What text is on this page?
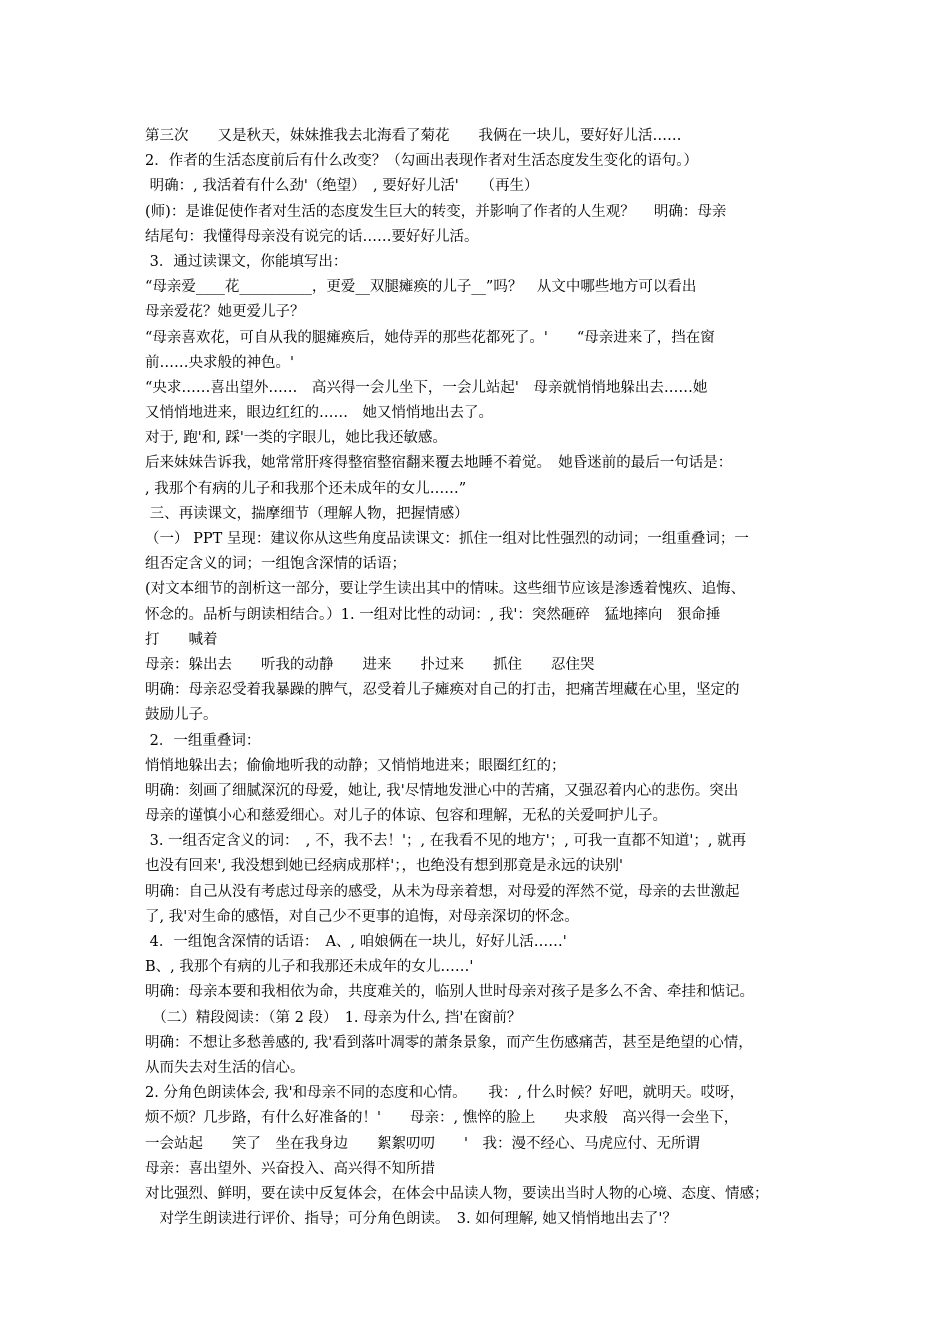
第三次　　又是秋天，妹妹推我去北海看了菊花　　我俩在一块儿，要好好儿活……
2．作者的生活态度前后有什么改变？（勾画出表现作者对生活态度发生变化的语句。）
明确：, 我活着有什么劲'（绝望）　, 要好好儿活'　　（再生）
(师)：是谁促使作者对生活的态度发生巨大的转变，并影响了作者的人生观？　 明确：母亲
结尾句：我懂得母亲没有说完的话……要好好儿活。
3．通过读课文，你能填写出：
“母亲爱____花__________，更爱__双腿瘫痪的儿子__”吗？　从文中哪些地方可以看出
母亲爱花？她更爱儿子？
“母亲喜欢花，可自从我的腿瘫痪后，她侍弄的那些花都死了。'　　“母亲进来了，挡在窗
前……央求般的神色。'
“央求……喜出望外……　高兴得一会儿坐下，一会儿站起'　母亲就悄悄地躲出去……她
又悄悄地进来，眼边红红的……　她又悄悄地出去了。
对于, 跑'和, 踩'一类的字眼儿，她比我还敏感。
后来妹妹告诉我，她常常肝疼得整宿整宿翻来覆去地睡不着觉。　她昏迷前的最后一句话是：
, 我那个有病的儿子和我那个还未成年的女儿……”
三、再读课文，揣摩细节（理解人物，把握情感）
（一） PPT 呈现：建议你从这些角度品读课文：抓住一组对比性强烈的动词；一组重叠词；一
组否定含义的词；一组饱含深情的话语；
(对文本细节的剖析这一部分，要让学生读出其中的情味。这些细节应该是渗透着愧疚、追悔、
怀念的。品析与朗读相结合。）1. 一组对比性的动词：, 我'：突然砸碎　猛地摔向　狠命捶
打　　喊着
母亲：躲出去　　听我的动静　　进来　　扑过来　　抓住　　忍住哭
明确：母亲忍受着我暴躁的脾气，忍受着儿子瘫痪对自己的打击，把痛苦埋藏在心里，坚定的
鼓励儿子。
2．一组重叠词：
悄悄地躲出去；偷偷地听我的动静；又悄悄地进来；眼圈红红的；
明确：刻画了细腻深沉的母爱，她让, 我'尽情地发泄心中的苦痛，又强忍着内心的悲伤。突出
母亲的谨慎小心和慈爱细心。对儿子的体谅、包容和理解，无私的关爱呵护儿子。
3. 一组否定含义的词：　, 不，我不去！'；, 在我看不见的地方'；, 可我一直都不知道'；, 就再
也没有回来', 我没想到她已经病成那样'；，也绝没有想到那竟是永远的诀别'
明确：自己从没有考虑过母亲的感受，从未为母亲着想，对母爱的浑然不觉，母亲的去世激起
了, 我'对生命的感悟，对自己少不更事的追悔，对母亲深切的怀念。
4．一组饱含深情的话语：　A、, 咱娘俩在一块儿，好好儿活……'
B、, 我那个有病的儿子和我那还未成年的女儿……'
明确：母亲本要和我相依为命，共度难关的，临别人世时母亲对孩子是多么不舍、牵挂和惦记。
　（二）精段阅读：（第 2 段）　1. 母亲为什么, 挡'在窗前？
明确：不想让多愁善感的, 我'看到落叶凋零的萧条景象，而产生伤感痛苦，甚至是绝望的心情，
从而失去对生活的信心。
2. 分角色朗读体会, 我'和母亲不同的态度和心情。　　我：, 什么时候？好吧，就明天。哎呀，
烦不烦？几步路，有什么好准备的！'　　母亲：, 憔悴的脸上　　央求般　高兴得一会坐下，
一会站起　　笑了　坐在我身边　　絮絮叨叨　　'　我：漫不经心、马虎应付、无所谓
母亲：喜出望外、兴奋投入、高兴得不知所措
对比强烈、鲜明，要在读中反复体会，在体会中品读人物，要读出当时人物的心境、态度、情感；
　对学生朗读进行评价、指导；可分角色朗读。　3. 如何理解, 她又悄悄地出去了'？
